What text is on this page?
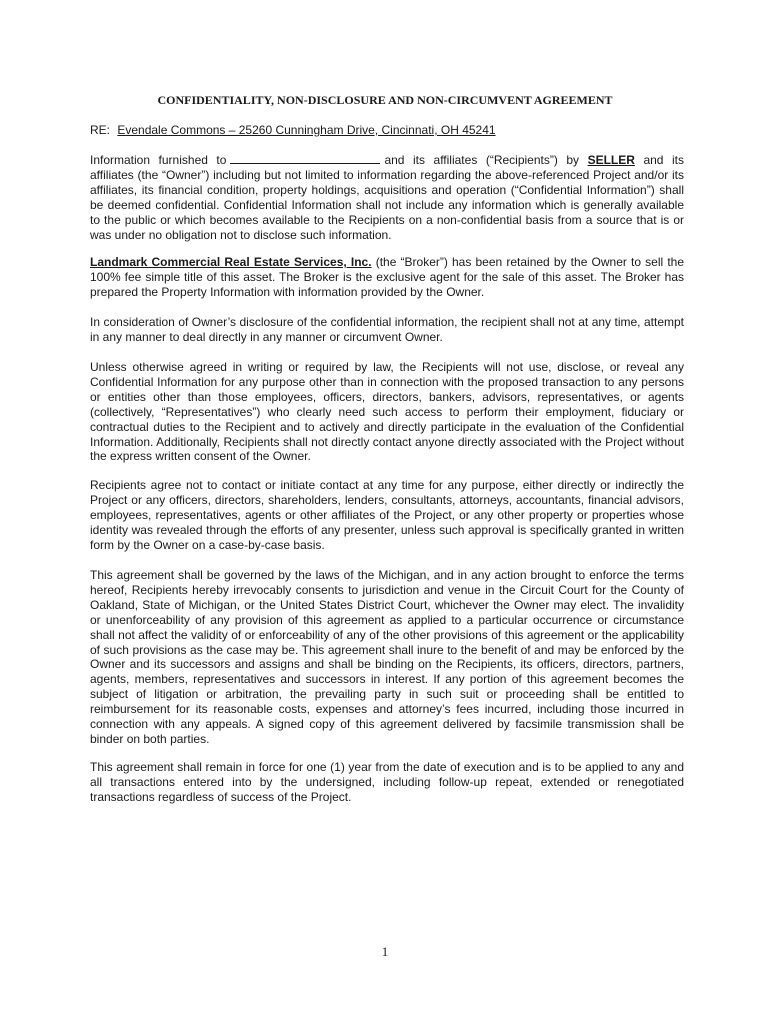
CONFIDENTIALITY, NON-DISCLOSURE AND NON-CIRCUMVENT AGREEMENT
RE: Evendale Commons – 25260 Cunningham Drive, Cincinnati, OH 45241

Information furnished to	and its affiliates (“Recipients”) by SELLER and its affiliates (the “Owner”) including but not limited to information regarding the above-referenced Project and/or its affiliates, its financial condition, property holdings, acquisitions and operation (“Confidential Information”) shall be deemed confidential. Confidential Information shall not include any information which is generally available to the public or which becomes available to the Recipients on a non-confidential basis from a source that is or was under no obligation not to disclose such information.

Landmark Commercial Real Estate Services, Inc. (the “Broker”) has been retained by the Owner to sell the 100% fee simple title of this asset. The Broker is the exclusive agent for the sale of this asset. The Broker has prepared the Property Information with information provided by the Owner.

In consideration of Owner’s disclosure of the confidential information, the recipient shall not at any time, attempt in any manner to deal directly in any manner or circumvent Owner.

Unless otherwise agreed in writing or required by law, the Recipients will not use, disclose, or reveal any Confidential Information for any purpose other than in connection with the proposed transaction to any persons or entities other than those employees, officers, directors, bankers, advisors, representatives, or agents (collectively, “Representatives”) who clearly need such access to perform their employment, fiduciary or contractual duties to the Recipient and to actively and directly participate in the evaluation of the Confidential Information. Additionally, Recipients shall not directly contact anyone directly associated with the Project without the express written consent of the Owner.

Recipients agree not to contact or initiate contact at any time for any purpose, either directly or indirectly the Project or any officers, directors, shareholders, lenders, consultants, attorneys, accountants, financial advisors, employees, representatives, agents or other affiliates of the Project, or any other property or properties whose identity was revealed through the efforts of any presenter, unless such approval is specifically granted in written form by the Owner on a case-by-case basis.

This agreement shall be governed by the laws of the Michigan, and in any action brought to enforce the terms hereof, Recipients hereby irrevocably consents to jurisdiction and venue in the Circuit Court for the County of Oakland, State of Michigan, or the United States District Court, whichever the Owner may elect. The invalidity or unenforceability of any provision of this agreement as applied to a particular occurrence or circumstance shall not affect the validity of or enforceability of any of the other provisions of this agreement or the applicability of such provisions as the case may be. This agreement shall inure to the benefit of and may be enforced by the Owner and its successors and assigns and shall be binding on the Recipients, its officers, directors, partners, agents, members, representatives and successors in interest. If any portion of this agreement becomes the subject of litigation or arbitration, the prevailing party in such suit or proceeding shall be entitled to reimbursement for its reasonable costs, expenses and attorney’s fees incurred, including those incurred in connection with any appeals. A signed copy of this agreement delivered by facsimile transmission shall be binder on both parties.

This agreement shall remain in force for one (1) year from the date of execution and is to be applied to any and all transactions entered into by the undersigned, including follow-up repeat, extended or renegotiated transactions regardless of success of the Project.

1
